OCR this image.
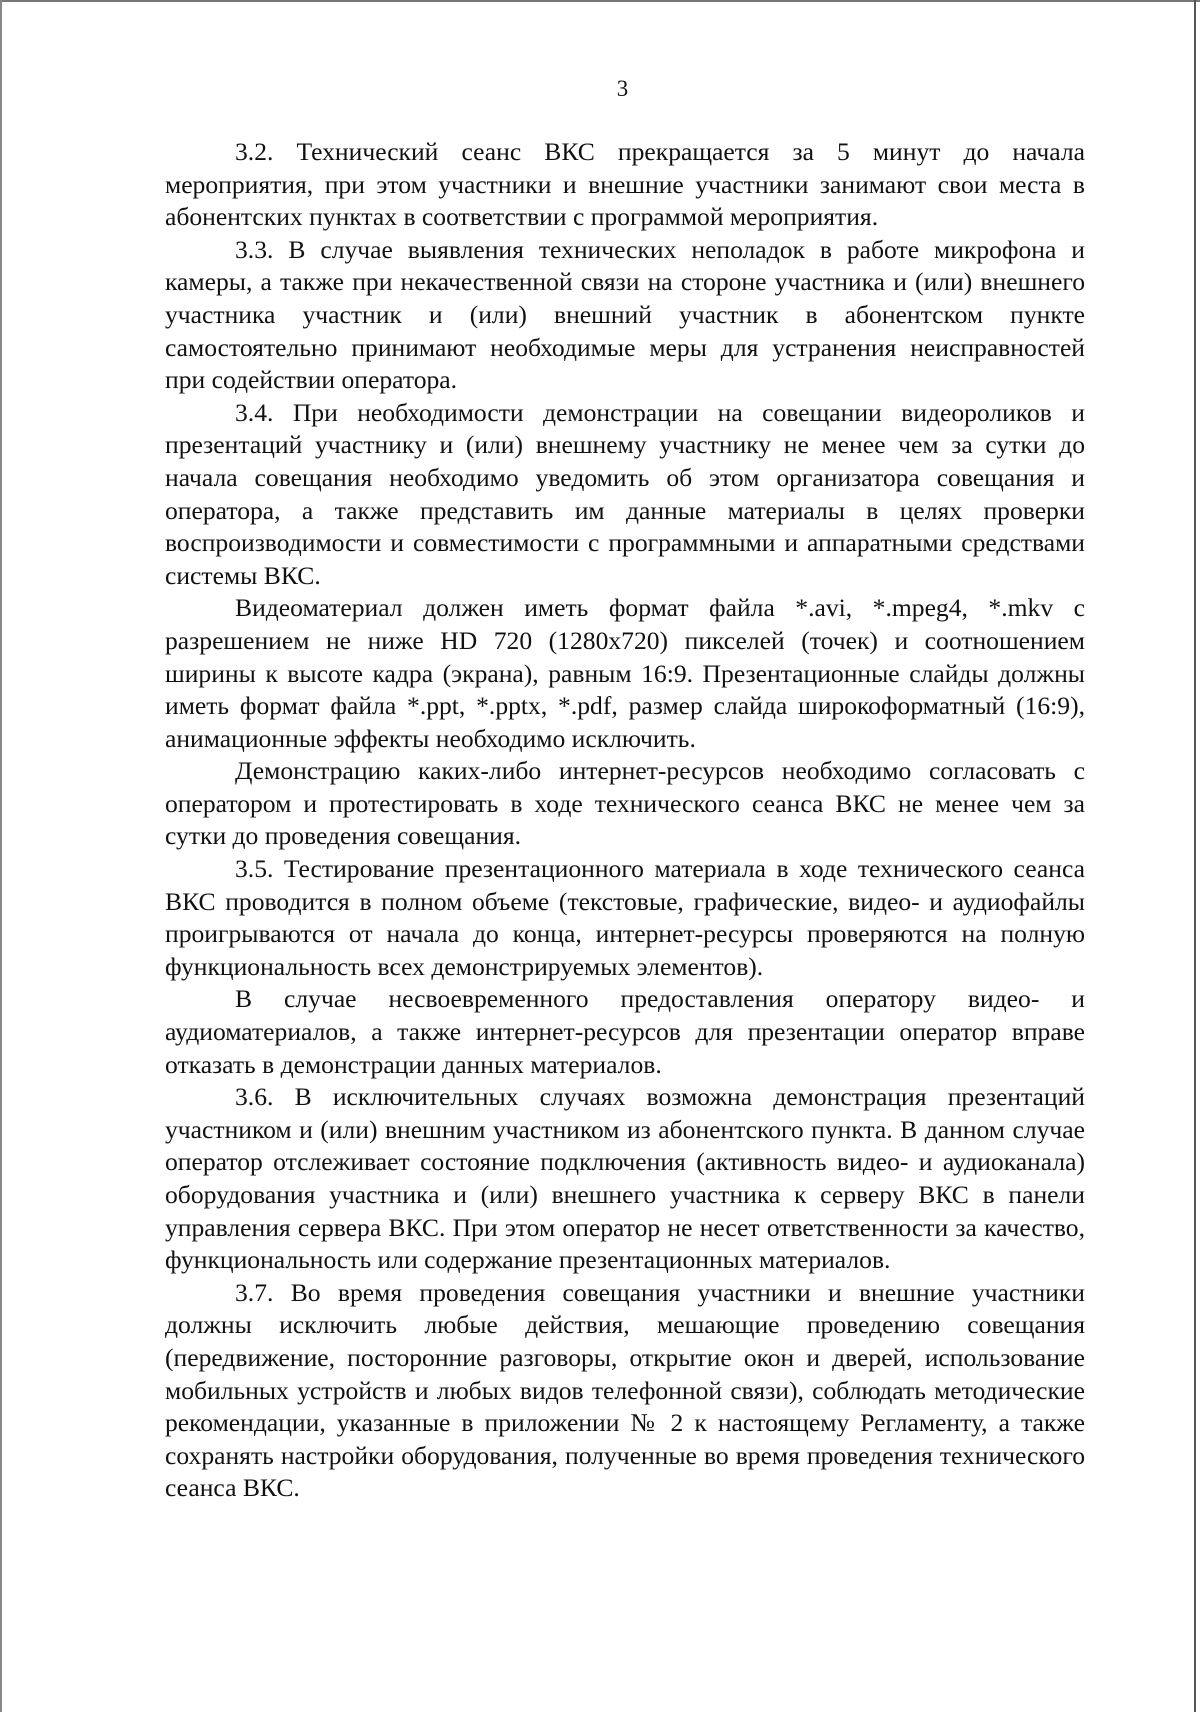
3

3.2. Технический сеанс ВКС прекращается за 5 минут до начала мероприятия, при этом участники и внешние участники занимают свои места в абонентских пунктах в соответствии с программой мероприятия.

3.3. В случае выявления технических неполадок в работе микрофона и камеры, а также при некачественной связи на стороне участника и (или) внешнего участника участник и (или) внешний участник в абонентском пункте самостоятельно принимают необходимые меры для устранения неисправностей при содействии оператора.

3.4. При необходимости демонстрации на совещании видеороликов и презентаций участнику и (или) внешнему участнику не менее чем за сутки до начала совещания необходимо уведомить об этом организатора совещания и оператора, а также представить им данные материалы в целях проверки воспроизводимости и совместимости с программными и аппаратными средствами системы ВКС.

Видеоматериал должен иметь формат файла *.avi, *.mpeg4, *.mkv с разрешением не ниже HD 720 (1280x720) пикселей (точек) и соотношением ширины к высоте кадра (экрана), равным 16:9. Презентационные слайды должны иметь формат файла *.ppt, *.pptx, *.pdf, размер слайда широкоформатный (16:9), анимационные эффекты необходимо исключить.

Демонстрацию каких-либо интернет-ресурсов необходимо согласовать с оператором и протестировать в ходе технического сеанса ВКС не менее чем за сутки до проведения совещания.

3.5. Тестирование презентационного материала в ходе технического сеанса ВКС проводится в полном объеме (текстовые, графические, видео- и аудиофайлы проигрываются от начала до конца, интернет-ресурсы проверяются на полную функциональность всех демонстрируемых элементов).

В случае несвоевременного предоставления оператору видео- и аудиоматериалов, а также интернет-ресурсов для презентации оператор вправе отказать в демонстрации данных материалов.

3.6. В исключительных случаях возможна демонстрация презентаций участником и (или) внешним участником из абонентского пункта. В данном случае оператор отслеживает состояние подключения (активность видео- и аудиоканала) оборудования участника и (или) внешнего участника к серверу ВКС в панели управления сервера ВКС. При этом оператор не несет ответственности за качество, функциональность или содержание презентационных материалов.

3.7. Во время проведения совещания участники и внешние участники должны исключить любые действия, мешающие проведению совещания (передвижение, посторонние разговоры, открытие окон и дверей, использование мобильных устройств и любых видов телефонной связи), соблюдать методические рекомендации, указанные в приложении № 2 к настоящему Регламенту, а также сохранять настройки оборудования, полученные во время проведения технического сеанса ВКС.
